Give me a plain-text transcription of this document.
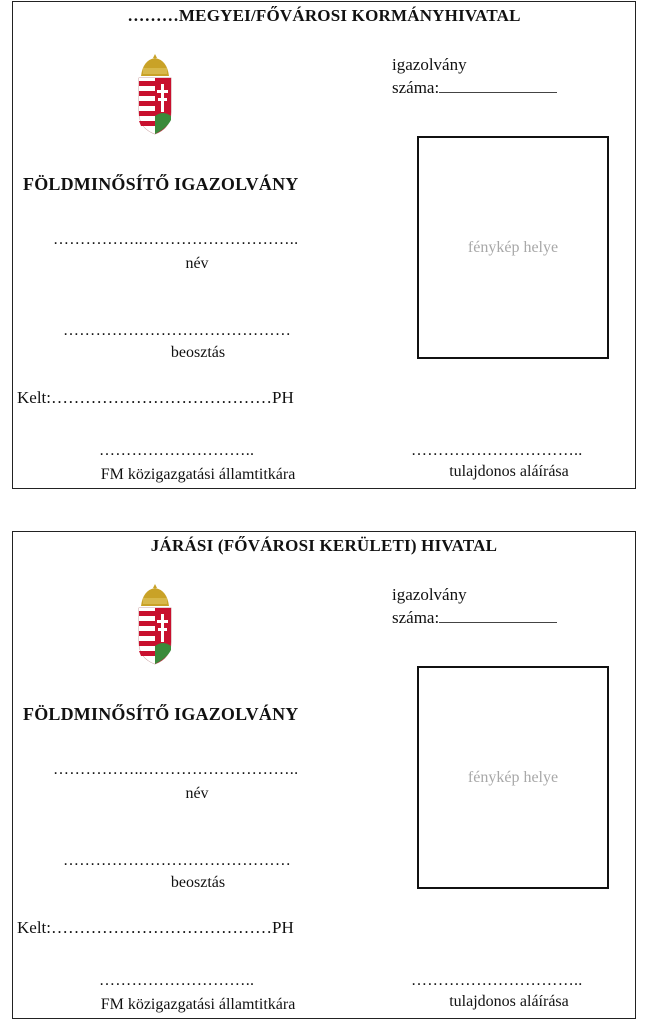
………MEGYEI/FŐVÁROSI KORMÁNYHIVATAL
igazolvány
száma:
FÖLDMINŐSÍTŐ IGAZOLVÁNY
fénykép helye
……………..………………………..
név
……………………………………
beosztás
Kelt:…………………………………PH
………………………..
FM közigazgatási államtitkára
…………………………..
tulajdonos aláírása
JÁRÁSI (FŐVÁROSI KERÜLETI) HIVATAL
igazolvány
száma:
FÖLDMINŐSÍTŐ IGAZOLVÁNY
fénykép helye
……………..………………………..
név
……………………………………
beosztás
Kelt:…………………………………PH
………………………..
FM közigazgatási államtitkára
…………………………..
tulajdonos aláírása
